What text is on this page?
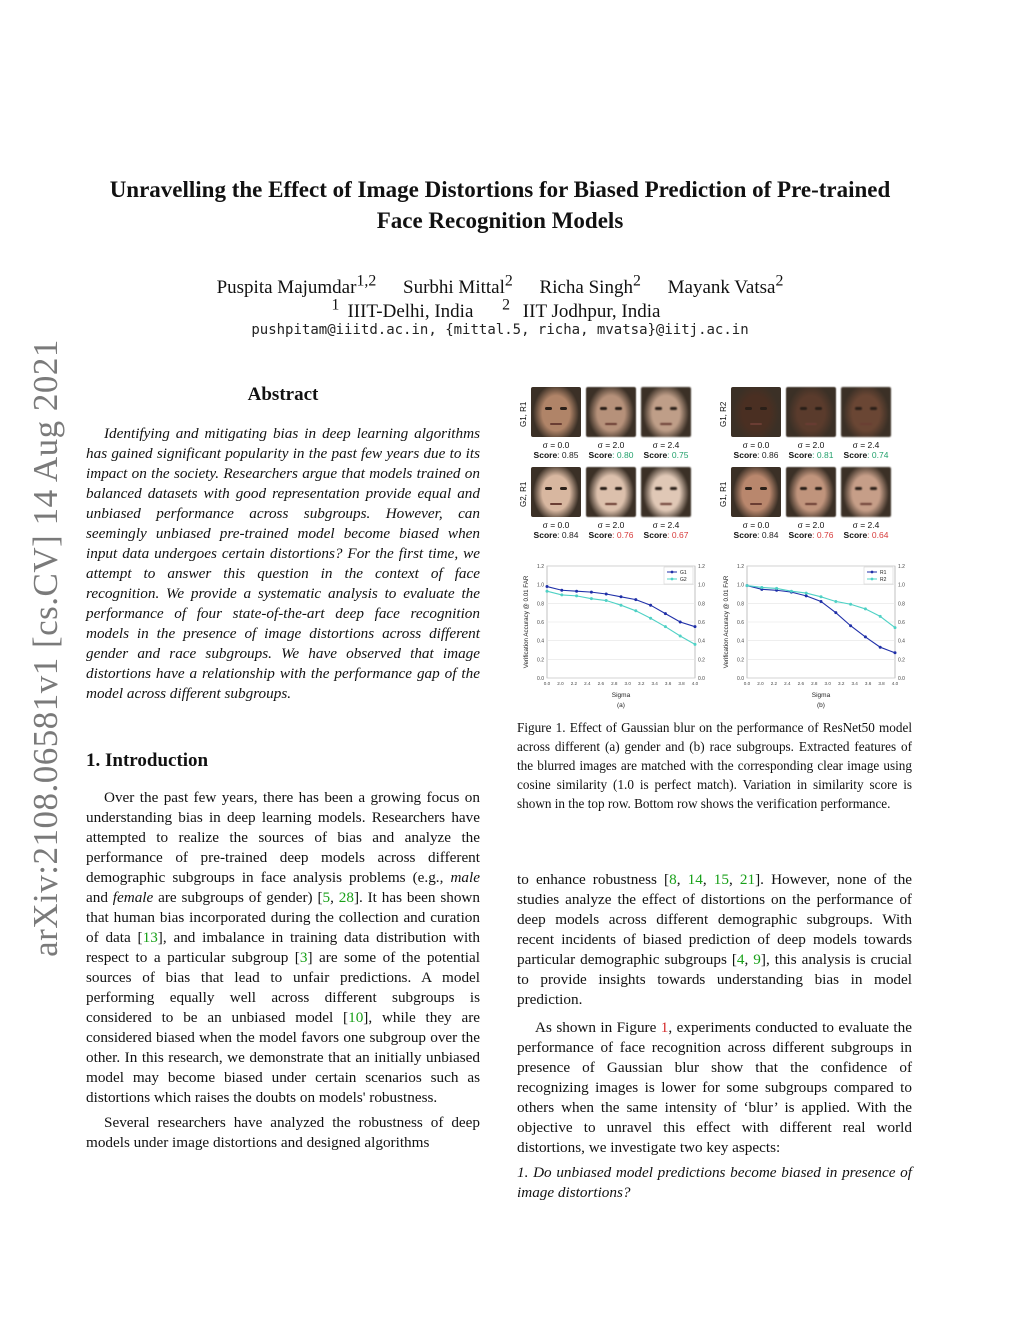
arXiv:2108.06581v1 [cs.CV] 14 Aug 2021
Unravelling the Effect of Image Distortions for Biased Prediction of Pre-trained
Face Recognition Models
Puspita Majumdar$^{1,2}$ Surbhi Mittal$^2$ Richa Singh$^2$ Mayank Vatsa$^2$
$^1$ IIIT-Delhi, India $^2$ IIT Jodhpur, India
pushpitam@iiitd.ac.in, {mittal.5, richa, mvatsa}@iitj.ac.in
Abstract

Identifying and mitigating bias in deep learning algorithms has gained significant popularity in the past few years due to its impact on the society. Researchers argue that models trained on balanced datasets with good representation provide equal and unbiased performance across subgroups. However, can seemingly unbiased pre-trained model become biased when input data undergoes certain distortions? For the first time, we attempt to answer this question in the context of face recognition. We provide a systematic analysis to evaluate the performance of four state-of-the-art deep face recognition models in the presence of image distortions across different gender and race subgroups. We have observed that image distortions have a relationship with the performance gap of the model across different subgroups.

1. Introduction

Over the past few years, there has been a growing focus on understanding bias in deep learning models. Researchers have attempted to realize the sources of bias and analyze the performance of pre-trained deep models across different demographic subgroups in face analysis problems (e.g., male and female are subgroups of gender) [5, 28]. It has been shown that human bias incorporated during the collection and curation of data [13], and imbalance in training data distribution with respect to a particular subgroup [3] are some of the potential sources of bias that lead to unfair predictions. A model performing equally well across different subgroups is considered to be an unbiased model [10], while they are considered biased when the model favors one subgroup over the other. In this research, we demonstrate that an initially unbiased model may become biased under certain scenarios such as distortions which raises the doubts on models' robustness.

Several researchers have analyzed the robustness of deep models under image distortions and designed algorithms

G1, R1
σ = 0.0
Score: 0.85
σ = 2.0
Score: 0.80
σ = 2.4
Score: 0.75
G1, R2
σ = 0.0
Score: 0.86
σ = 2.0
Score: 0.81
σ = 2.4
Score: 0.74
G2, R1
σ = 0.0
Score: 0.84
σ = 2.0
Score: 0.76
σ = 2.4
Score: 0.67
G1, R1
σ = 0.0
Score: 0.84
σ = 2.0
Score: 0.76
σ = 2.4
Score: 0.64
0.0	0.0
0.2	0.2
0.4	0.4
0.6	0.6
0.8	0.8
1.0	1.0
1.2	1.2
0.0 2.0 2.2 2.4 2.6 2.8 3.0 3.2 3.4 3.6 3.8 4.0
Sigma
(a)
Verification Accuracy @ 0.01 FAR
G1
G2
0.0	0.0
0.2	0.2
0.4	0.4
0.6	0.6
0.8	0.8
1.0	1.0
1.2	1.2
0.0 2.0 2.2 2.4 2.6 2.8 3.0 3.2 3.4 3.6 3.8 4.0
Sigma
(b)
Verification Accuracy @ 0.01 FAR
R1
R2
Figure 1. Effect of Gaussian blur on the performance of ResNet50 model across different (a) gender and (b) race subgroups. Extracted features of the blurred images are matched with the corresponding clear image using cosine similarity (1.0 is perfect match). Variation in similarity score is shown in the top row. Bottom row shows the verification performance.

to enhance robustness [8, 14, 15, 21]. However, none of the studies analyze the effect of distortions on the performance of deep models across different demographic subgroups. With recent incidents of biased prediction of deep models towards particular demographic subgroups [4, 9], this analysis is crucial to provide insights towards understanding bias in model prediction.

As shown in Figure 1, experiments conducted to evaluate the performance of face recognition across different subgroups in presence of Gaussian blur show that the confidence of recognizing images is lower for some subgroups compared to others when the same intensity of ‘blur’ is applied. With the objective to unravel this effect with different real world distortions, we investigate two key aspects:

1. Do unbiased model predictions become biased in presence of image distortions?
